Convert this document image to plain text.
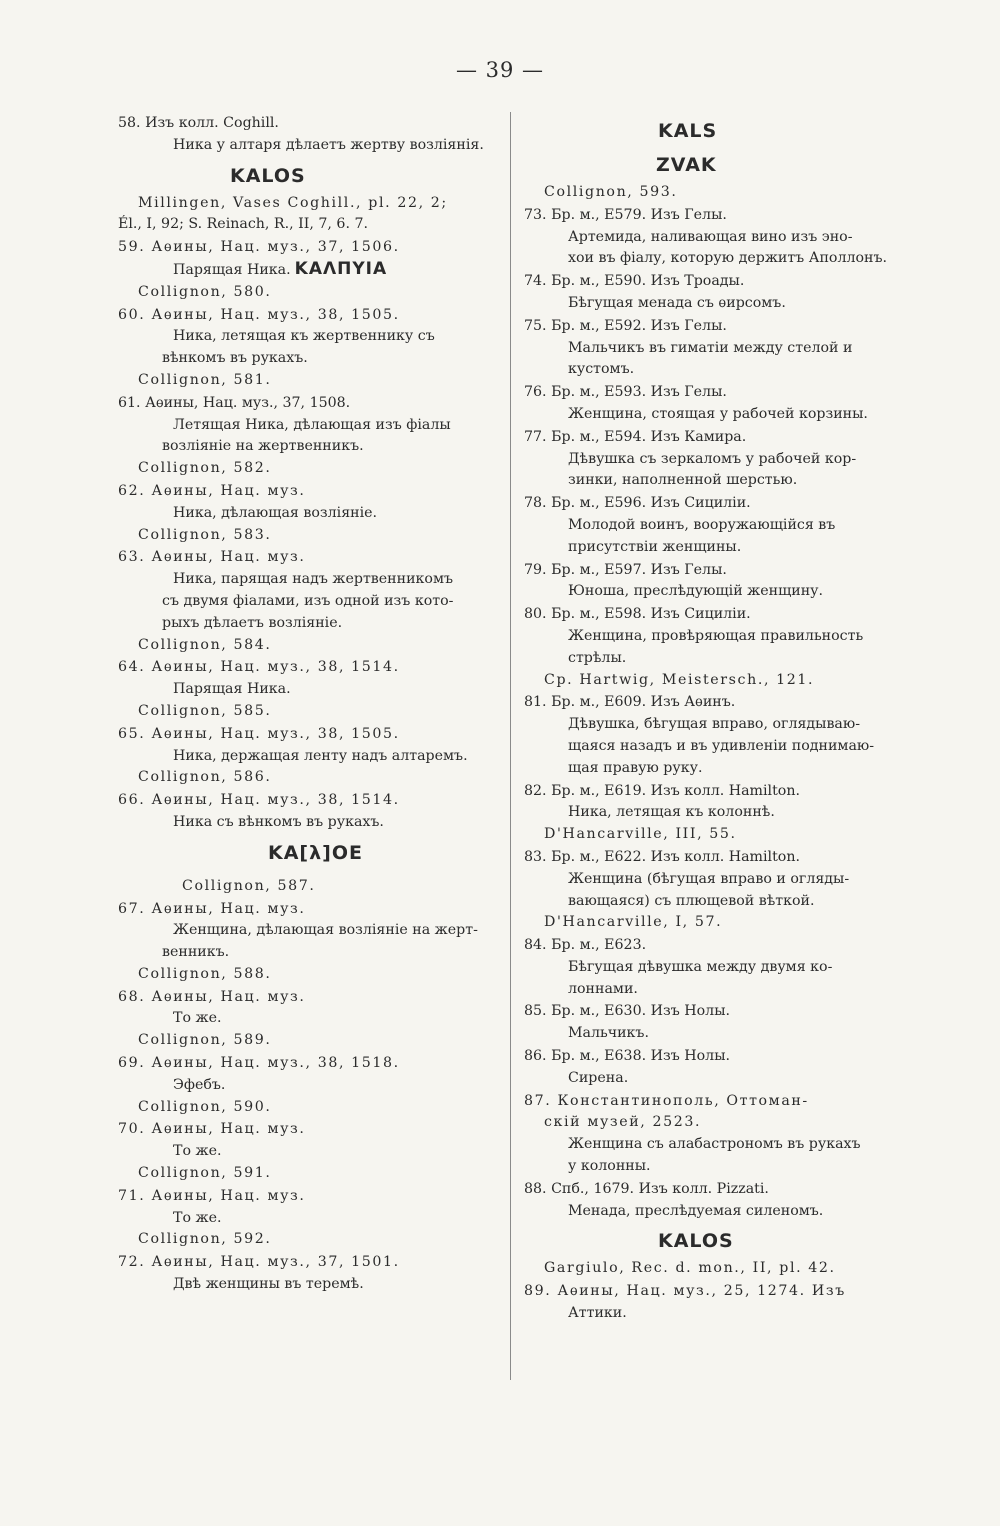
— 39 —
58. Изъ колл. Coghill.
Ника у алтаря дѣлаетъ жертву возліянія.
KALOS
Millingen, Vases Coghill., pl. 22, 2;
Él., I, 92; S. Reinach, R., II, 7, 6. 7.
59. Аѳины, Нац. муз., 37, 1506.
Парящая Ника. KAΛΠYIA
Collignon, 580.
60. Аѳины, Нац. муз., 38, 1505.
Ника, летящая къ жертвеннику съ
вѣнкомъ въ рукахъ.
Collignon, 581.
61. Аѳины, Нац. муз., 37, 1508.
Летящая Ника, дѣлающая изъ фіалы
возліяніе на жертвенникъ.
Collignon, 582.
62. Аѳины, Нац. муз.
Ника, дѣлающая возліяніе.
Collignon, 583.
63. Аѳины, Нац. муз.
Ника, парящая надъ жертвенникомъ
съ двумя фіалами, изъ одной изъ кото-
рыхъ дѣлаетъ возліяніе.
Collignon, 584.
64. Аѳины, Нац. муз., 38, 1514.
Парящая Ника.
Collignon, 585.
65. Аѳины, Нац. муз., 38, 1505.
Ника, держащая ленту надъ алтаремъ.
Collignon, 586.
66. Аѳины, Нац. муз., 38, 1514.
Ника съ вѣнкомъ въ рукахъ.
KA[λ]OE
Collignon, 587.
67. Аѳины, Нац. муз.
Женщина, дѣлающая возліяніе на жерт-
венникъ.
Collignon, 588.
68. Аѳины, Нац. муз.
То же.
Collignon, 589.
69. Аѳины, Нац. муз., 38, 1518.
Эфебъ.
Collignon, 590.
70. Аѳины, Нац. муз.
То же.
Collignon, 591.
71. Аѳины, Нац. муз.
То же.
Collignon, 592.
72. Аѳины, Нац. муз., 37, 1501.
Двѣ женщины въ теремѣ.
KALS
ZVAK
Collignon, 593.
73. Бр. м., E579. Изъ Гелы.
Артемида, наливающая вино изъ эно-
хои въ фіалу, которую держитъ Аполлонъ.
74. Бр. м., E590. Изъ Троады.
Бѣгущая менада съ ѳирсомъ.
75. Бр. м., E592. Изъ Гелы.
Мальчикъ въ гиматіи между стелой и
кустомъ.
76. Бр. м., E593. Изъ Гелы.
Женщина, стоящая у рабочей корзины.
77. Бр. м., E594. Изъ Камира.
Дѣвушка съ зеркаломъ у рабочей кор-
зинки, наполненной шерстью.
78. Бр. м., E596. Изъ Сициліи.
Молодой воинъ, вооружающійся въ
присутствіи женщины.
79. Бр. м., E597. Изъ Гелы.
Юноша, преслѣдующій женщину.
80. Бр. м., E598. Изъ Сициліи.
Женщина, провѣряющая правильность
стрѣлы.
Ср. Hartwig, Meistersch., 121.
81. Бр. м., E609. Изъ Аѳинъ.
Дѣвушка, бѣгущая вправо, оглядываю-
щаяся назадъ и въ удивленіи поднимаю-
щая правую руку.
82. Бр. м., E619. Изъ колл. Hamilton.
Ника, летящая къ колоннѣ.
D'Hancarville, III, 55.
83. Бр. м., E622. Изъ колл. Hamilton.
Женщина (бѣгущая вправо и огляды-
вающаяся) съ плющевой вѣткой.
D'Hancarville, I, 57.
84. Бр. м., E623.
Бѣгущая дѣвушка между двумя ко-
лоннами.
85. Бр. м., E630. Изъ Нолы.
Мальчикъ.
86. Бр. м., E638. Изъ Нолы.
Сирена.
87. Константинополь, Оттоман-
скій музей, 2523.
Женщина съ алабастрономъ въ рукахъ
у колонны.
88. Спб., 1679. Изъ колл. Pizzati.
Менада, преслѣдуемая силеномъ.
KALOS
Gargiulo, Rec. d. mon., II, pl. 42.
89. Аѳины, Нац. муз., 25, 1274. Изъ
Аттики.
